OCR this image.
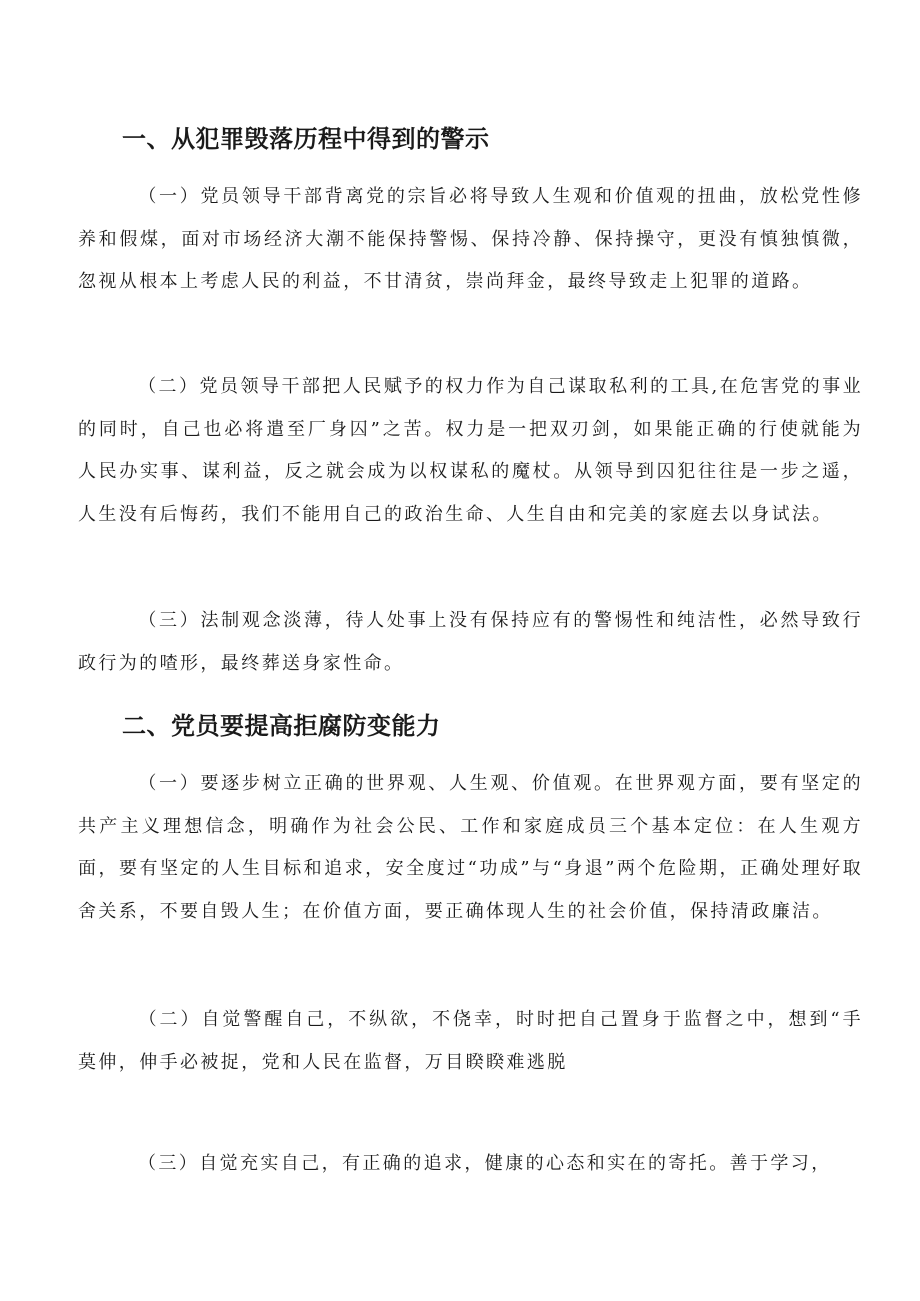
一、从犯罪毁落历程中得到的警示

（一）党员领导干部背离党的宗旨必将导致人生观和价值观的扭曲，放松党性修养和假煤，面对市场经济大潮不能保持警惕、保持冷静、保持操守，更没有慎独慎微，忽视从根本上考虑人民的利益，不甘清贫，崇尚拜金，最终导致走上犯罪的道路。

（二）党员领导干部把人民赋予的权力作为自己谋取私利的工具,在危害党的事业的同时，自己也必将遣至厂身囚”之苦。权力是一把双刃剑，如果能正确的行使就能为人民办实事、谋利益，反之就会成为以权谋私的魔杖。从领导到囚犯往往是一步之遥，人生没有后悔药，我们不能用自己的政治生命、人生自由和完美的家庭去以身试法。

（三）法制观念淡薄，待人处事上没有保持应有的警惕性和纯洁性，必然导致行政行为的喳形，最终葬送身家性命。

二、党员要提高拒腐防变能力

（一）要逐步树立正确的世界观、人生观、价值观。在世界观方面，要有坚定的共产主义理想信念，明确作为社会公民、工作和家庭成员三个基本定位：在人生观方面，要有坚定的人生目标和追求，安全度过“功成”与“身退”两个危险期，正确处理好取舍关系，不要自毁人生；在价值方面，要正确体现人生的社会价值，保持清政廉洁。

（二）自觉警醒自己，不纵欲，不侥幸，时时把自己置身于监督之中，想到“手莫伸，伸手必被捉，党和人民在监督，万目睽睽难逃脱

（三）自觉充实自己，有正确的追求，健康的心态和实在的寄托。善于学习，
